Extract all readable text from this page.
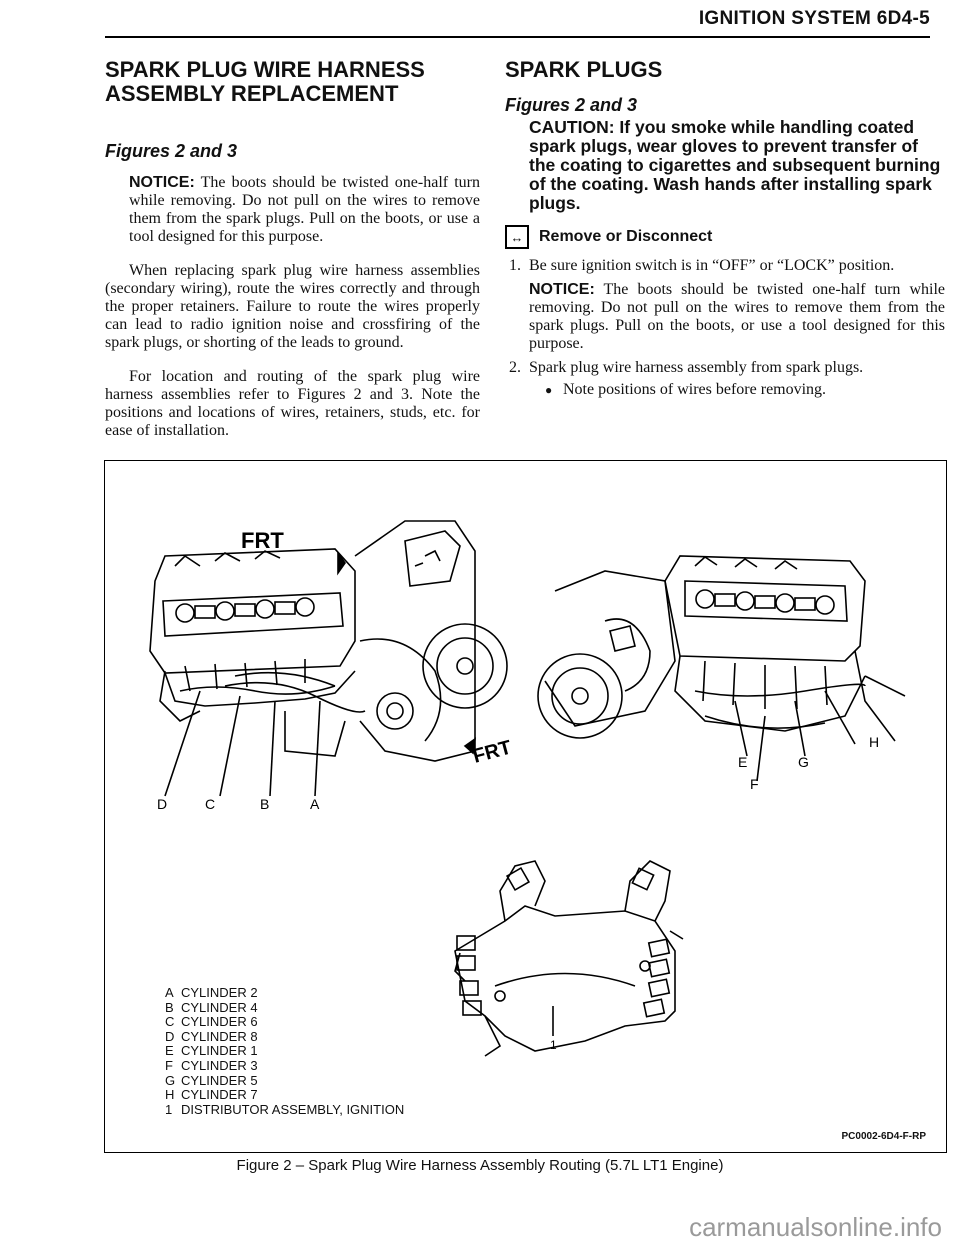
IGNITION SYSTEM 6D4-5
SPARK PLUG WIRE HARNESS ASSEMBLY REPLACEMENT

Figures 2 and 3

NOTICE: The boots should be twisted one-half turn while removing. Do not pull on the wires to remove them from the spark plugs. Pull on the boots, or use a tool designed for this purpose.

When replacing spark plug wire harness assemblies (secondary wiring), route the wires correctly and through the proper retainers. Failure to route the wires properly can lead to radio ignition noise and crossfiring of the spark plugs, or shorting of the leads to ground.

For location and routing of the spark plug wire harness assemblies refer to Figures 2 and 3. Note the positions and locations of wires, retainers, studs, etc. for ease of installation.

SPARK PLUGS

Figures 2 and 3

CAUTION: If you smoke while handling coated spark plugs, wear gloves to prevent transfer of the coating to cigarettes and subsequent burning of the coating. Wash hands after installing spark plugs.

↔ Remove or Disconnect
1. Be sure ignition switch is in “OFF” or “LOCK” position.

NOTICE: The boots should be twisted one-half turn while removing. Do not pull on the wires to remove them from the spark plugs. Pull on the boots, or use a tool designed for this purpose.

2. Spark plug wire harness assembly from spark plugs.
● Note positions of wires before removing.
FRT
FRT
D	C	B	A
E
F
G
H
1
A CYLINDER 2
B CYLINDER 4
C CYLINDER 6
D CYLINDER 8
E CYLINDER 1
F CYLINDER 3
G CYLINDER 5
H CYLINDER 7
1 DISTRIBUTOR ASSEMBLY, IGNITION
PC0002-6D4-F-RP
Figure 2 – Spark Plug Wire Harness Assembly Routing (5.7L LT1 Engine)
carmanualsonline.info
